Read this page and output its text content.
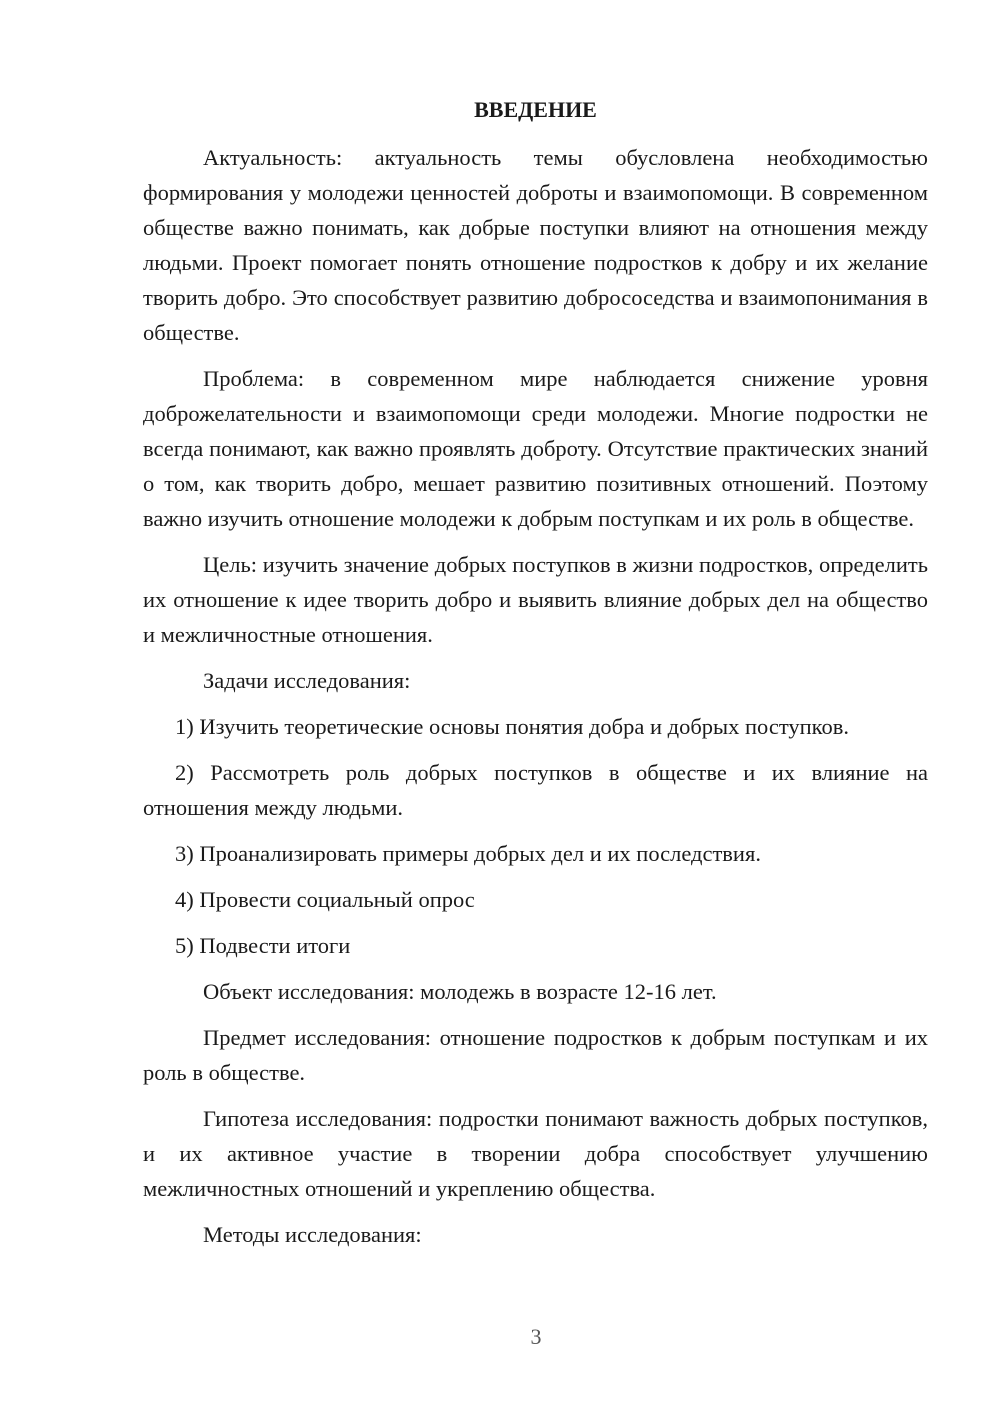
ВВЕДЕНИЕ

Актуальность: актуальность темы обусловлена необходимостью формирования у молодежи ценностей доброты и взаимопомощи. В современном обществе важно понимать, как добрые поступки влияют на отношения между людьми. Проект помогает понять отношение подростков к добру и их желание творить добро. Это способствует развитию добрососедства и взаимопонимания в обществе.

Проблема: в современном мире наблюдается снижение уровня доброжелательности и взаимопомощи среди молодежи. Многие подростки не всегда понимают, как важно проявлять доброту. Отсутствие практических знаний о том, как творить добро, мешает развитию позитивных отношений. Поэтому важно изучить отношение молодежи к добрым поступкам и их роль в обществе.

Цель: изучить значение добрых поступков в жизни подростков, определить их отношение к идее творить добро и выявить влияние добрых дел на общество и межличностные отношения.

Задачи исследования:

1) Изучить теоретические основы понятия добра и добрых поступков.

2) Рассмотреть роль добрых поступков в обществе и их влияние на отношения между людьми.

3) Проанализировать примеры добрых дел и их последствия.

4) Провести социальный опрос

5) Подвести итоги

Объект исследования: молодежь в возрасте 12-16 лет.

Предмет исследования: отношение подростков к добрым поступкам и их роль в обществе.

Гипотеза исследования: подростки понимают важность добрых поступков, и их активное участие в творении добра способствует улучшению межличностных отношений и укреплению общества.

Методы исследования:

3
